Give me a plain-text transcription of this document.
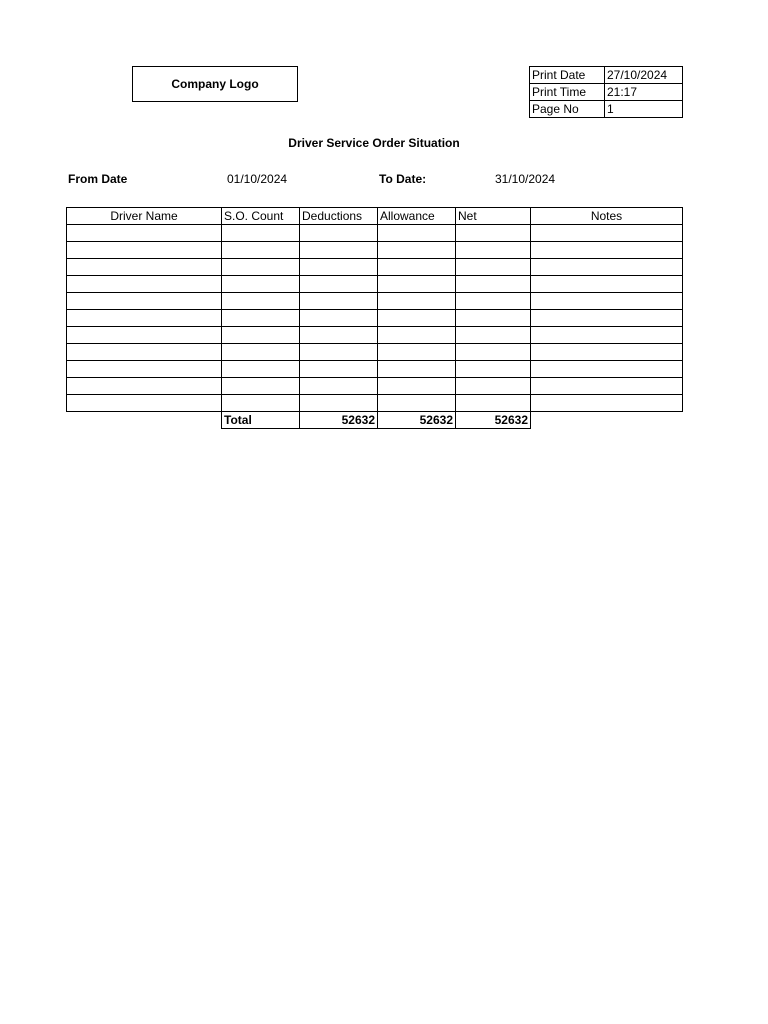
Company Logo
Print Date	27/10/2024
Print Time	21:17
Page No	1
Driver Service Order Situation
From Date	01/10/2024	To Date:	31/10/2024
Driver Name	S.O. Count	Deductions	Allowance	Net	Notes

	Total	52632	52632	52632	
